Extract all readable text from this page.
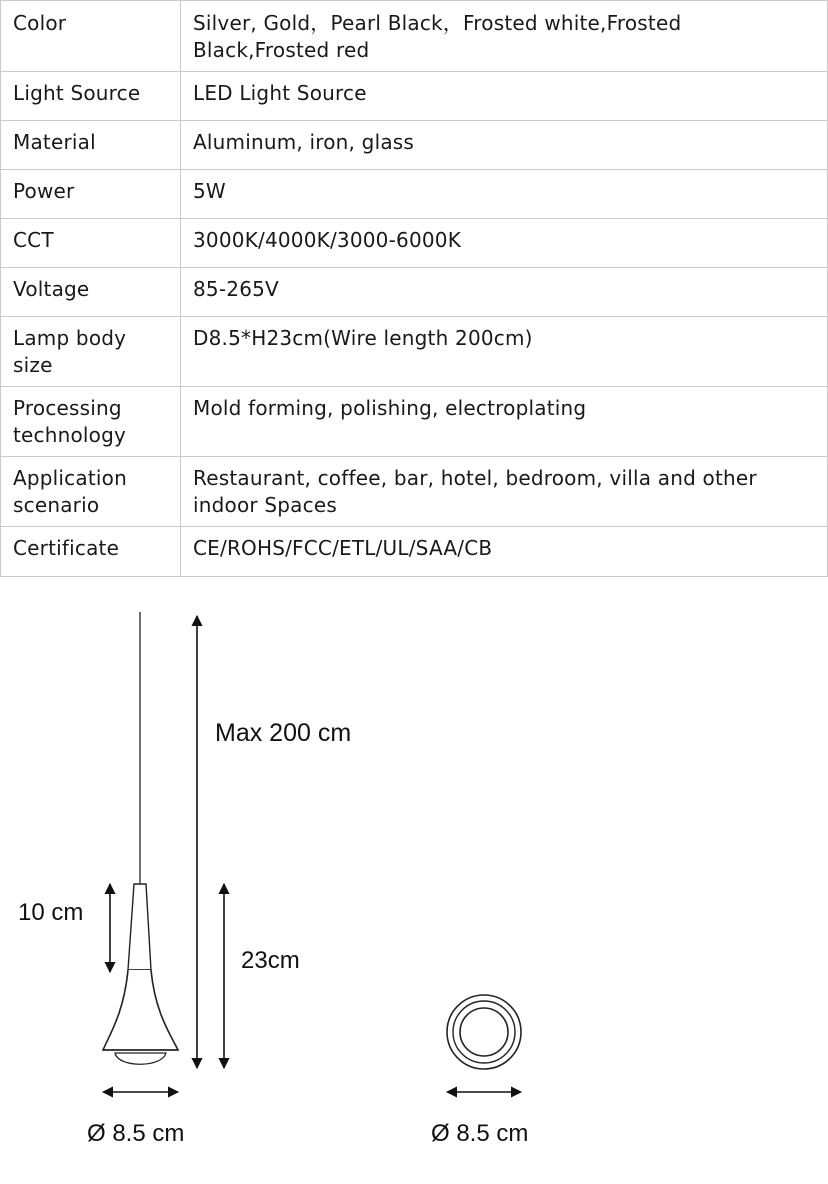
Color	Silver, Gold，Pearl Black，Frosted white,Frosted Black,Frosted red
Light Source	LED Light Source
Material	Aluminum, iron, glass
Power	5W
CCT	3000K/4000K/3000-6000K
Voltage	85-265V
Lamp body size	D8.5*H23cm(Wire length 200cm)
Processing technology	Mold forming, polishing, electroplating
Application scenario	Restaurant, coffee, bar, hotel, bedroom, villa and other indoor Spaces
Certificate	CE/ROHS/FCC/ETL/UL/SAA/CB
Max 200 cm
10 cm
23cm
Ø 8.5 cm	Ø 8.5 cm
